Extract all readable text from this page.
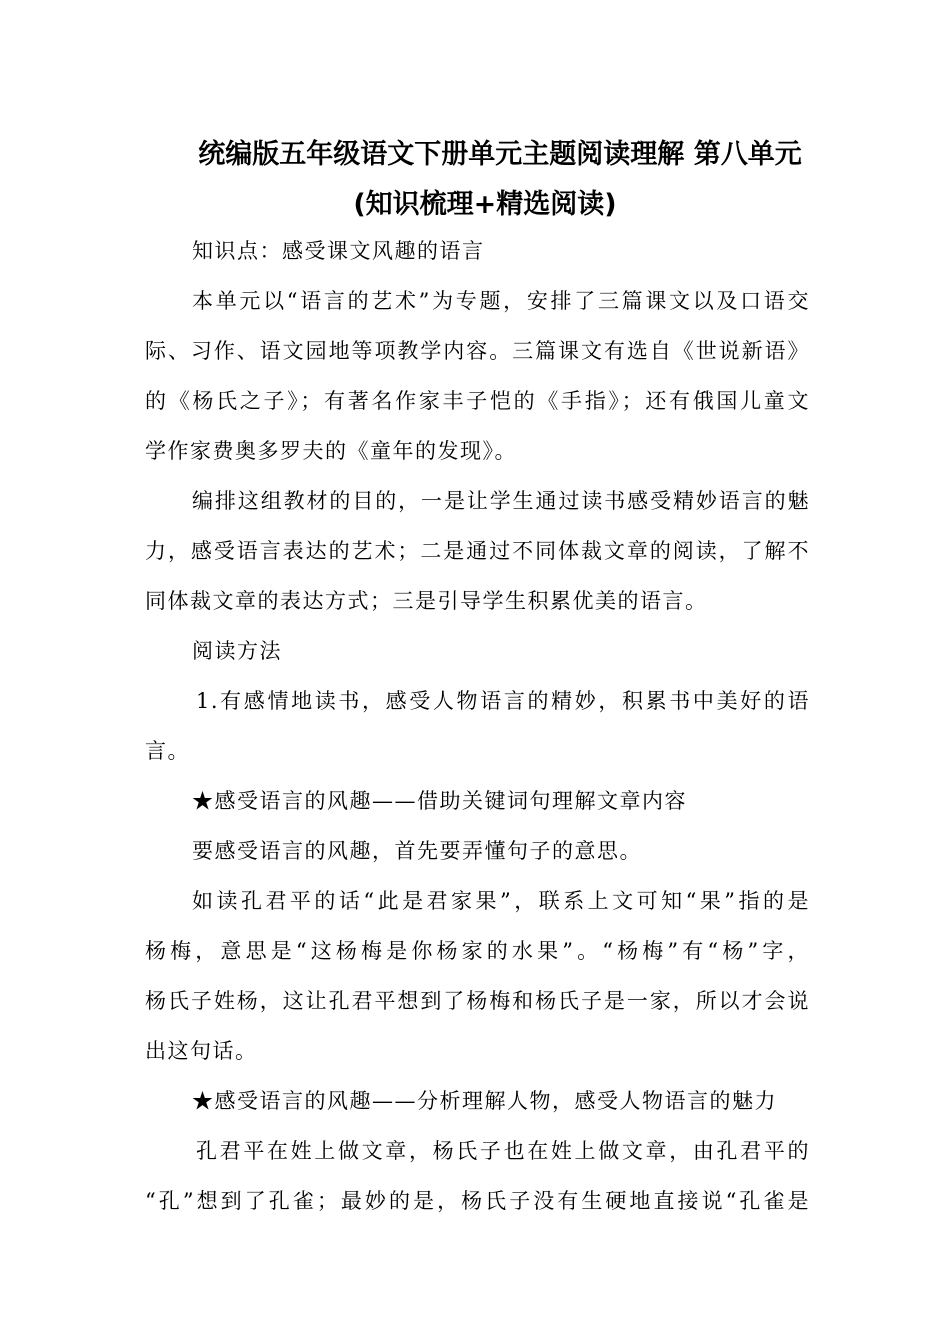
统编版五年级语文下册单元主题阅读理解 第八单元
(知识梳理+精选阅读)
知识点：感受课文风趣的语言
本单元以“语言的艺术”为专题，安排了三篇课文以及口语交
际、习作、语文园地等项教学内容。三篇课文有选自《世说新语》
的《杨氏之子》；有著名作家丰子恺的《手指》；还有俄国儿童文
学作家费奥多罗夫的《童年的发现》。
编排这组教材的目的，一是让学生通过读书感受精妙语言的魅
力，感受语言表达的艺术；二是通过不同体裁文章的阅读，了解不
同体裁文章的表达方式；三是引导学生积累优美的语言。
阅读方法
1.有感情地读书，感受人物语言的精妙，积累书中美好的语
言。
★感受语言的风趣——借助关键词句理解文章内容
要感受语言的风趣，首先要弄懂句子的意思。
如读孔君平的话“此是君家果”，联系上文可知“果”指的是
杨梅，意思是“这杨梅是你杨家的水果”。“杨梅”有“杨”字，
杨氏子姓杨，这让孔君平想到了杨梅和杨氏子是一家，所以才会说
出这句话。
★感受语言的风趣——分析理解人物，感受人物语言的魅力
孔君平在姓上做文章，杨氏子也在姓上做文章，由孔君平的
“孔”想到了孔雀；最妙的是，杨氏子没有生硬地直接说“孔雀是
